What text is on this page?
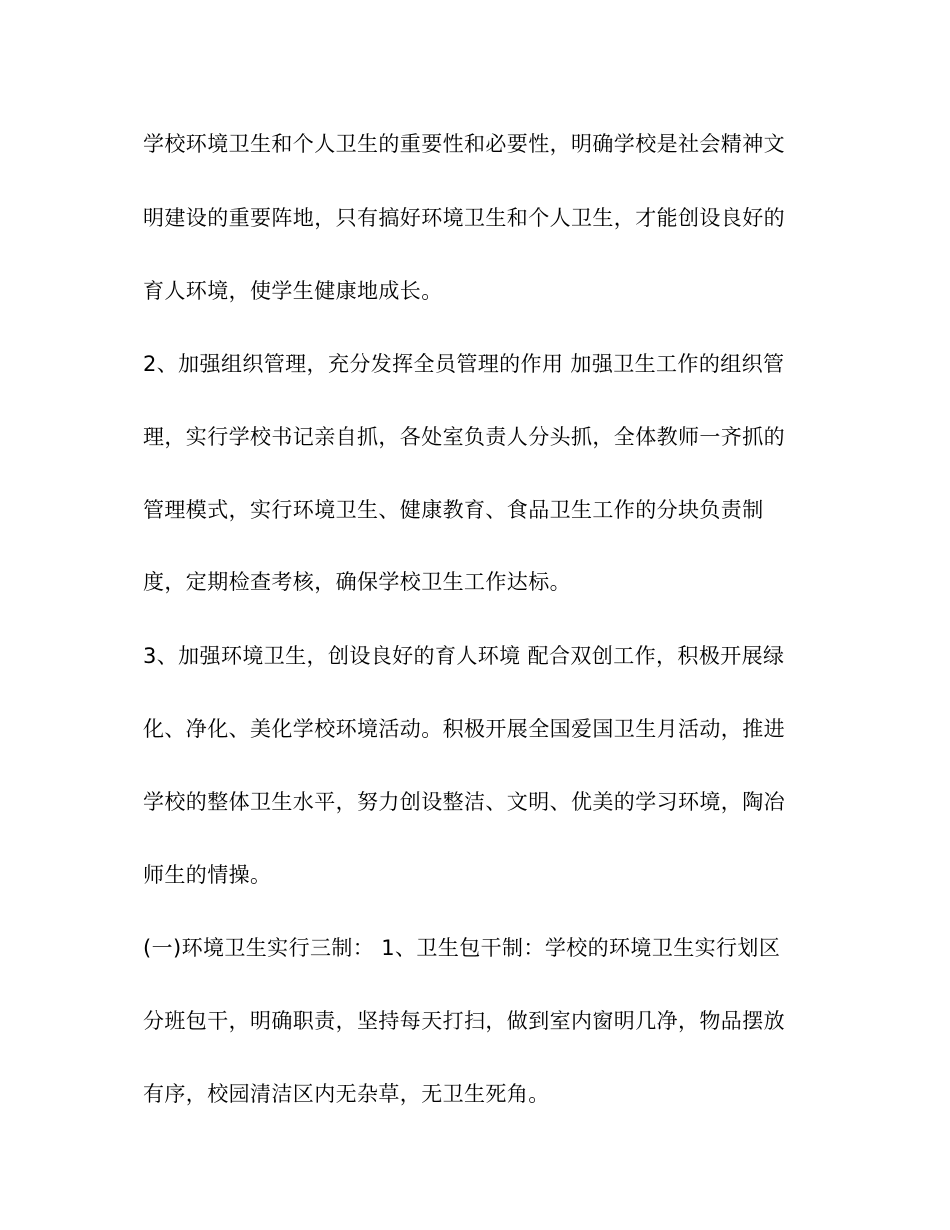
学校环境卫生和个人卫生的重要性和必要性，明确学校是社会精神文
明建设的重要阵地，只有搞好环境卫生和个人卫生，才能创设良好的
育人环境，使学生健康地成长。
2、加强组织管理，充分发挥全员管理的作用 加强卫生工作的组织管
理，实行学校书记亲自抓，各处室负责人分头抓，全体教师一齐抓的
管理模式，实行环境卫生、健康教育、食品卫生工作的分块负责制
度，定期检查考核，确保学校卫生工作达标。
3、加强环境卫生，创设良好的育人环境 配合双创工作，积极开展绿
化、净化、美化学校环境活动。积极开展全国爱国卫生月活动，推进
学校的整体卫生水平，努力创设整洁、文明、优美的学习环境，陶冶
师生的情操。
(一)环境卫生实行三制： 1、卫生包干制：学校的环境卫生实行划区
分班包干，明确职责，坚持每天打扫，做到室内窗明几净，物品摆放
有序，校园清洁区内无杂草，无卫生死角。
